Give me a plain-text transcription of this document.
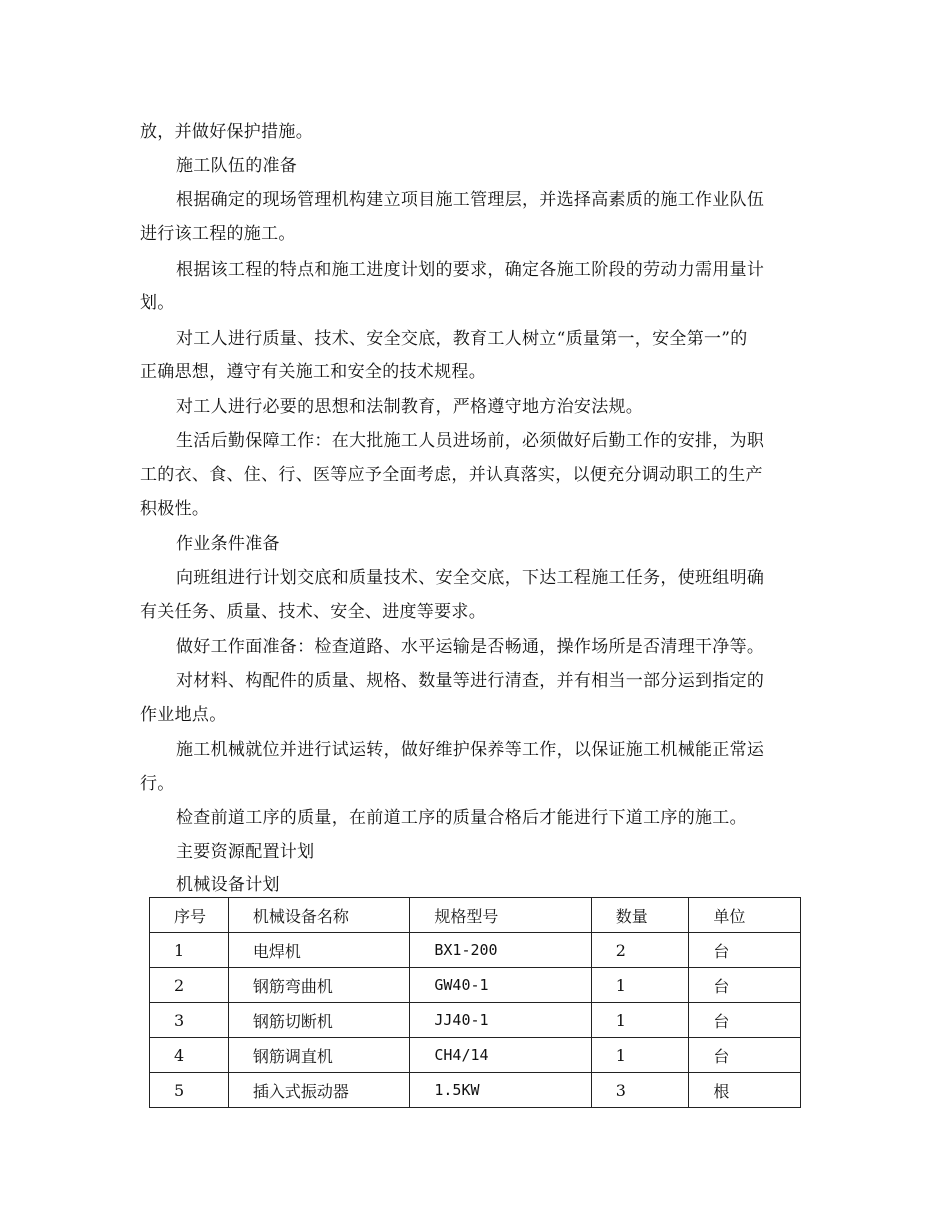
放，并做好保护措施。
施工队伍的准备
根据确定的现场管理机构建立项目施工管理层，并选择高素质的施工作业队伍
进行该工程的施工。
根据该工程的特点和施工进度计划的要求，确定各施工阶段的劳动力需用量计
划。
对工人进行质量、技术、安全交底，教育工人树立“质量第一，安全第一”的
正确思想，遵守有关施工和安全的技术规程。
对工人进行必要的思想和法制教育，严格遵守地方治安法规。
生活后勤保障工作：在大批施工人员进场前，必须做好后勤工作的安排，为职
工的衣、食、住、行、医等应予全面考虑，并认真落实，以便充分调动职工的生产
积极性。
作业条件准备
向班组进行计划交底和质量技术、安全交底，下达工程施工任务，使班组明确
有关任务、质量、技术、安全、进度等要求。
做好工作面准备：检查道路、水平运输是否畅通，操作场所是否清理干净等。
对材料、构配件的质量、规格、数量等进行清查，并有相当一部分运到指定的
作业地点。
施工机械就位并进行试运转，做好维护保养等工作，以保证施工机械能正常运
行。
检查前道工序的质量，在前道工序的质量合格后才能进行下道工序的施工。
主要资源配置计划
机械设备计划
序号	机械设备名称	规格型号	数量	单位
1	电焊机	BX1-200	2	台
2	钢筋弯曲机	GW40-1	1	台
3	钢筋切断机	JJ40-1	1	台
4	钢筋调直机	CH4/14	1	台
5	插入式振动器	1.5KW	3	根
